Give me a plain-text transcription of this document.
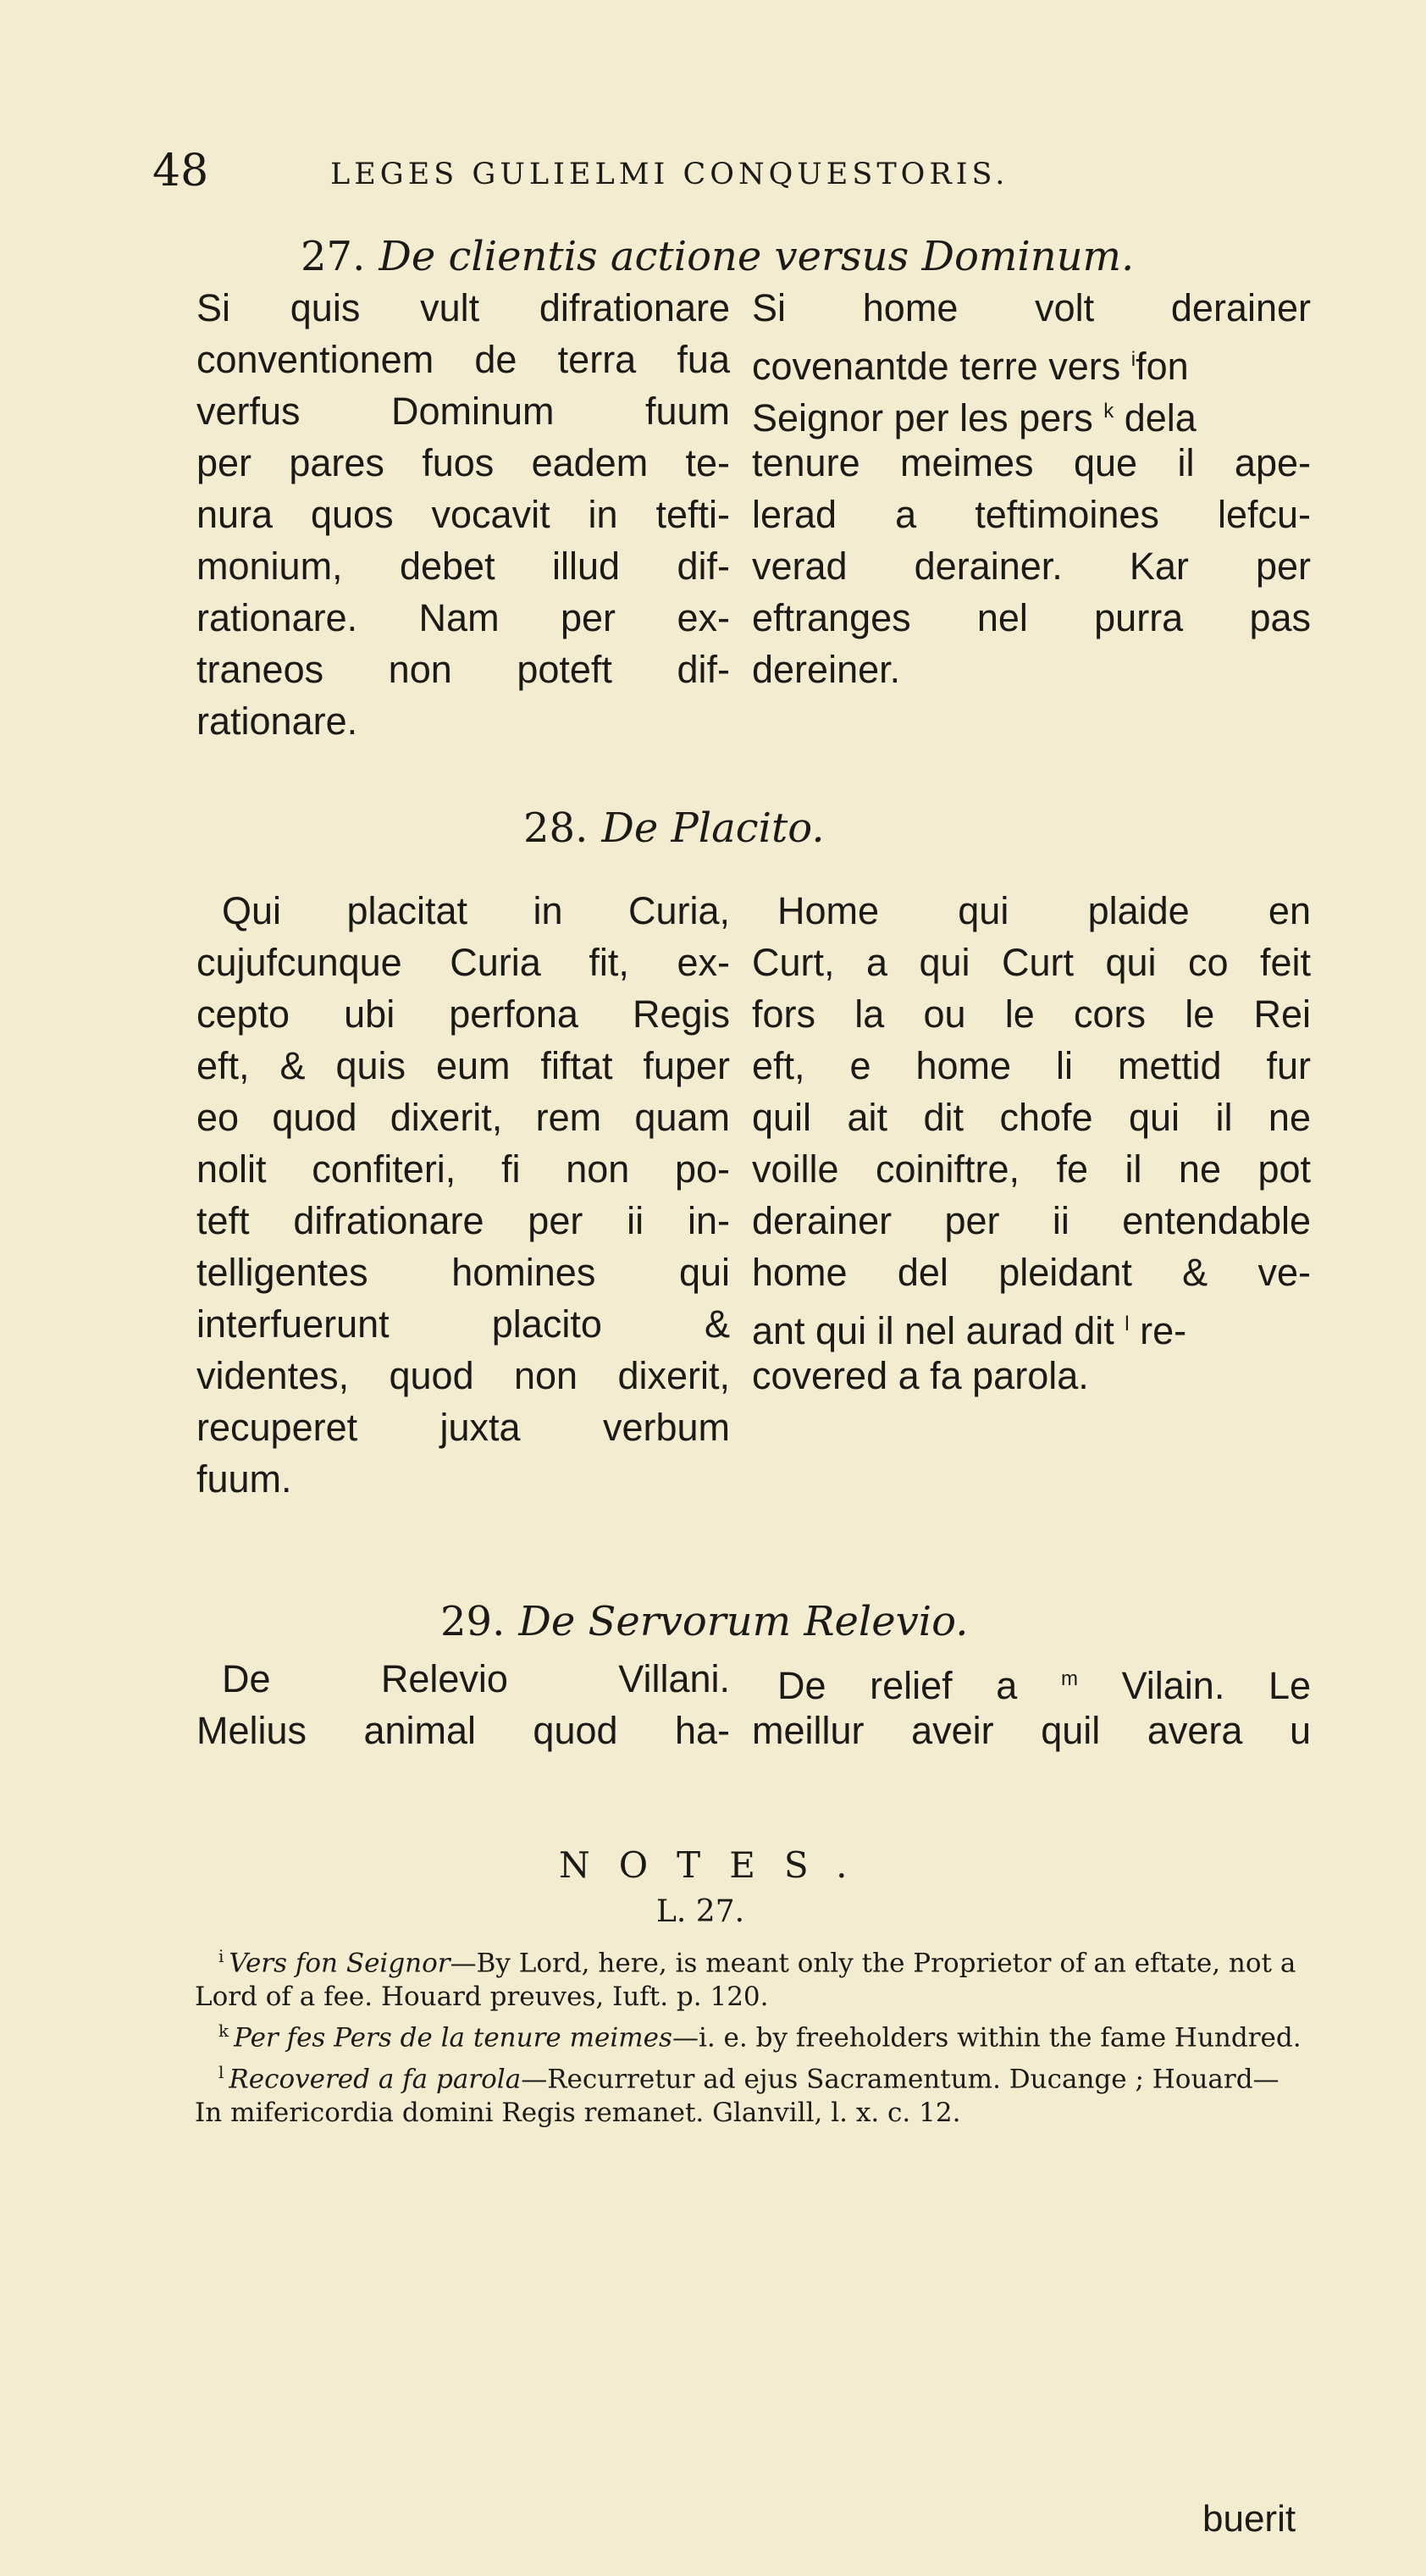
48	LEGES GULIELMI CONQUESTORIS.
27. De clientis actione versus Dominum.
Si quis vult difrationare
conventionem de terra fua
verfus Dominum fuum
per pares fuos eadem te-
nura quos vocavit in tefti-
monium, debet illud dif-
rationare. Nam per ex-
traneos non poteft dif-
rationare.
Si home volt derainer
covenantde terre vers $^i$fon
Seignor per les pers $^k$ dela
tenure meimes que il ape-
lerad a teftimoines lefcu-
verad derainer. Kar per
eftranges nel purra pas
dereiner.
28. De Placito.
Qui placitat in Curia,
cujufcunque Curia fit, ex-
cepto ubi perfona Regis
eft, & quis eum fiftat fuper
eo quod dixerit, rem quam
nolit confiteri, fi non po-
teft difrationare per ii in-
telligentes homines qui
interfuerunt placito &
videntes, quod non dixerit,
recuperet juxta verbum
fuum.
Home qui plaide en
Curt, a qui Curt qui co feit
fors la ou le cors le Rei
eft, e home li mettid fur
quil ait dit chofe qui il ne
voille coiniftre, fe il ne pot
derainer per ii entendable
home del pleidant & ve-
ant qui il nel aurad dit $^l$ re-
covered a fa parola.
29. De Servorum Relevio.
De Relevio Villani.
Melius animal quod ha-
De relief a $^m$ Vilain. Le
meillur aveir quil avera u
NOTES.
L. 27.

$^i$ Vers fon Seignor—By Lord, here, is meant only the Proprietor of an eftate, not a Lord of a fee. Houard preuves, Iuft. p. 120.

$^k$ Per fes Pers de la tenure meimes—i. e. by freeholders within the fame Hundred.

$^l$ Recovered a fa parola—Recurretur ad ejus Sacramentum. Ducange ; Houard—In mifericordia domini Regis remanet. Glanvill, l. x. c. 12.

buerit
